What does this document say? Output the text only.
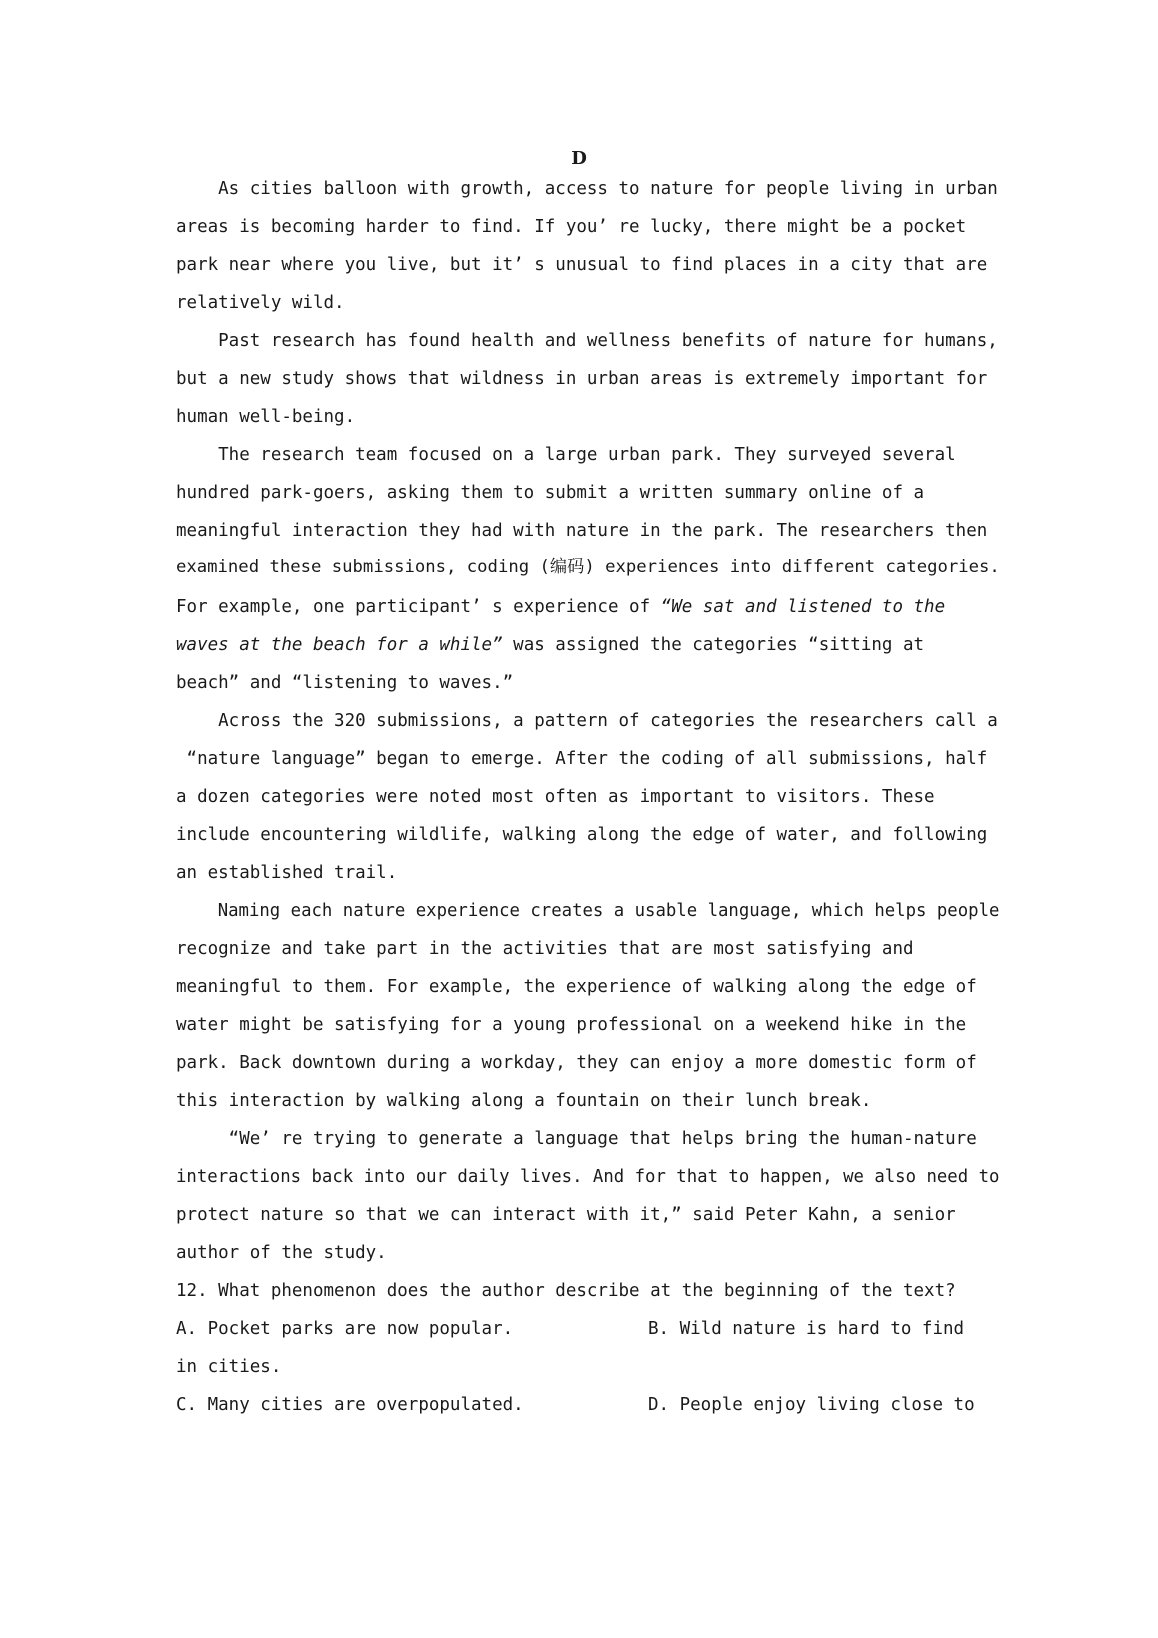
D
As cities balloon with growth, access to nature for people living in urban
areas is becoming harder to find. If you’ re lucky, there might be a pocket
park near where you live, but it’ s unusual to find places in a city that are
relatively wild.
Past research has found health and wellness benefits of nature for humans,
but a new study shows that wildness in urban areas is extremely important for
human well-being.
The research team focused on a large urban park. They surveyed several
hundred park-goers, asking them to submit a written summary online of a
meaningful interaction they had with nature in the park. The researchers then
examined these submissions, coding (编码) experiences into different categories.
For example, one participant’ s experience of “We sat and listened to the
waves at the beach for a while” was assigned the categories “sitting at
beach” and “listening to waves.”
Across the 320 submissions, a pattern of categories the researchers call a
“nature language” began to emerge. After the coding of all submissions, half
a dozen categories were noted most often as important to visitors. These
include encountering wildlife, walking along the edge of water, and following
an established trail.
Naming each nature experience creates a usable language, which helps people
recognize and take part in the activities that are most satisfying and
meaningful to them. For example, the experience of walking along the edge of
water might be satisfying for a young professional on a weekend hike in the
park. Back downtown during a workday, they can enjoy a more domestic form of
this interaction by walking along a fountain on their lunch break.
“We’ re trying to generate a language that helps bring the human-nature
interactions back into our daily lives. And for that to happen, we also need to
protect nature so that we can interact with it,” said Peter Kahn, a senior
author of the study.
12. What phenomenon does the author describe at the beginning of the text?
A. Pocket parks are now popular.	B. Wild nature is hard to find
in cities.
C. Many cities are overpopulated.	D. People enjoy living close to
